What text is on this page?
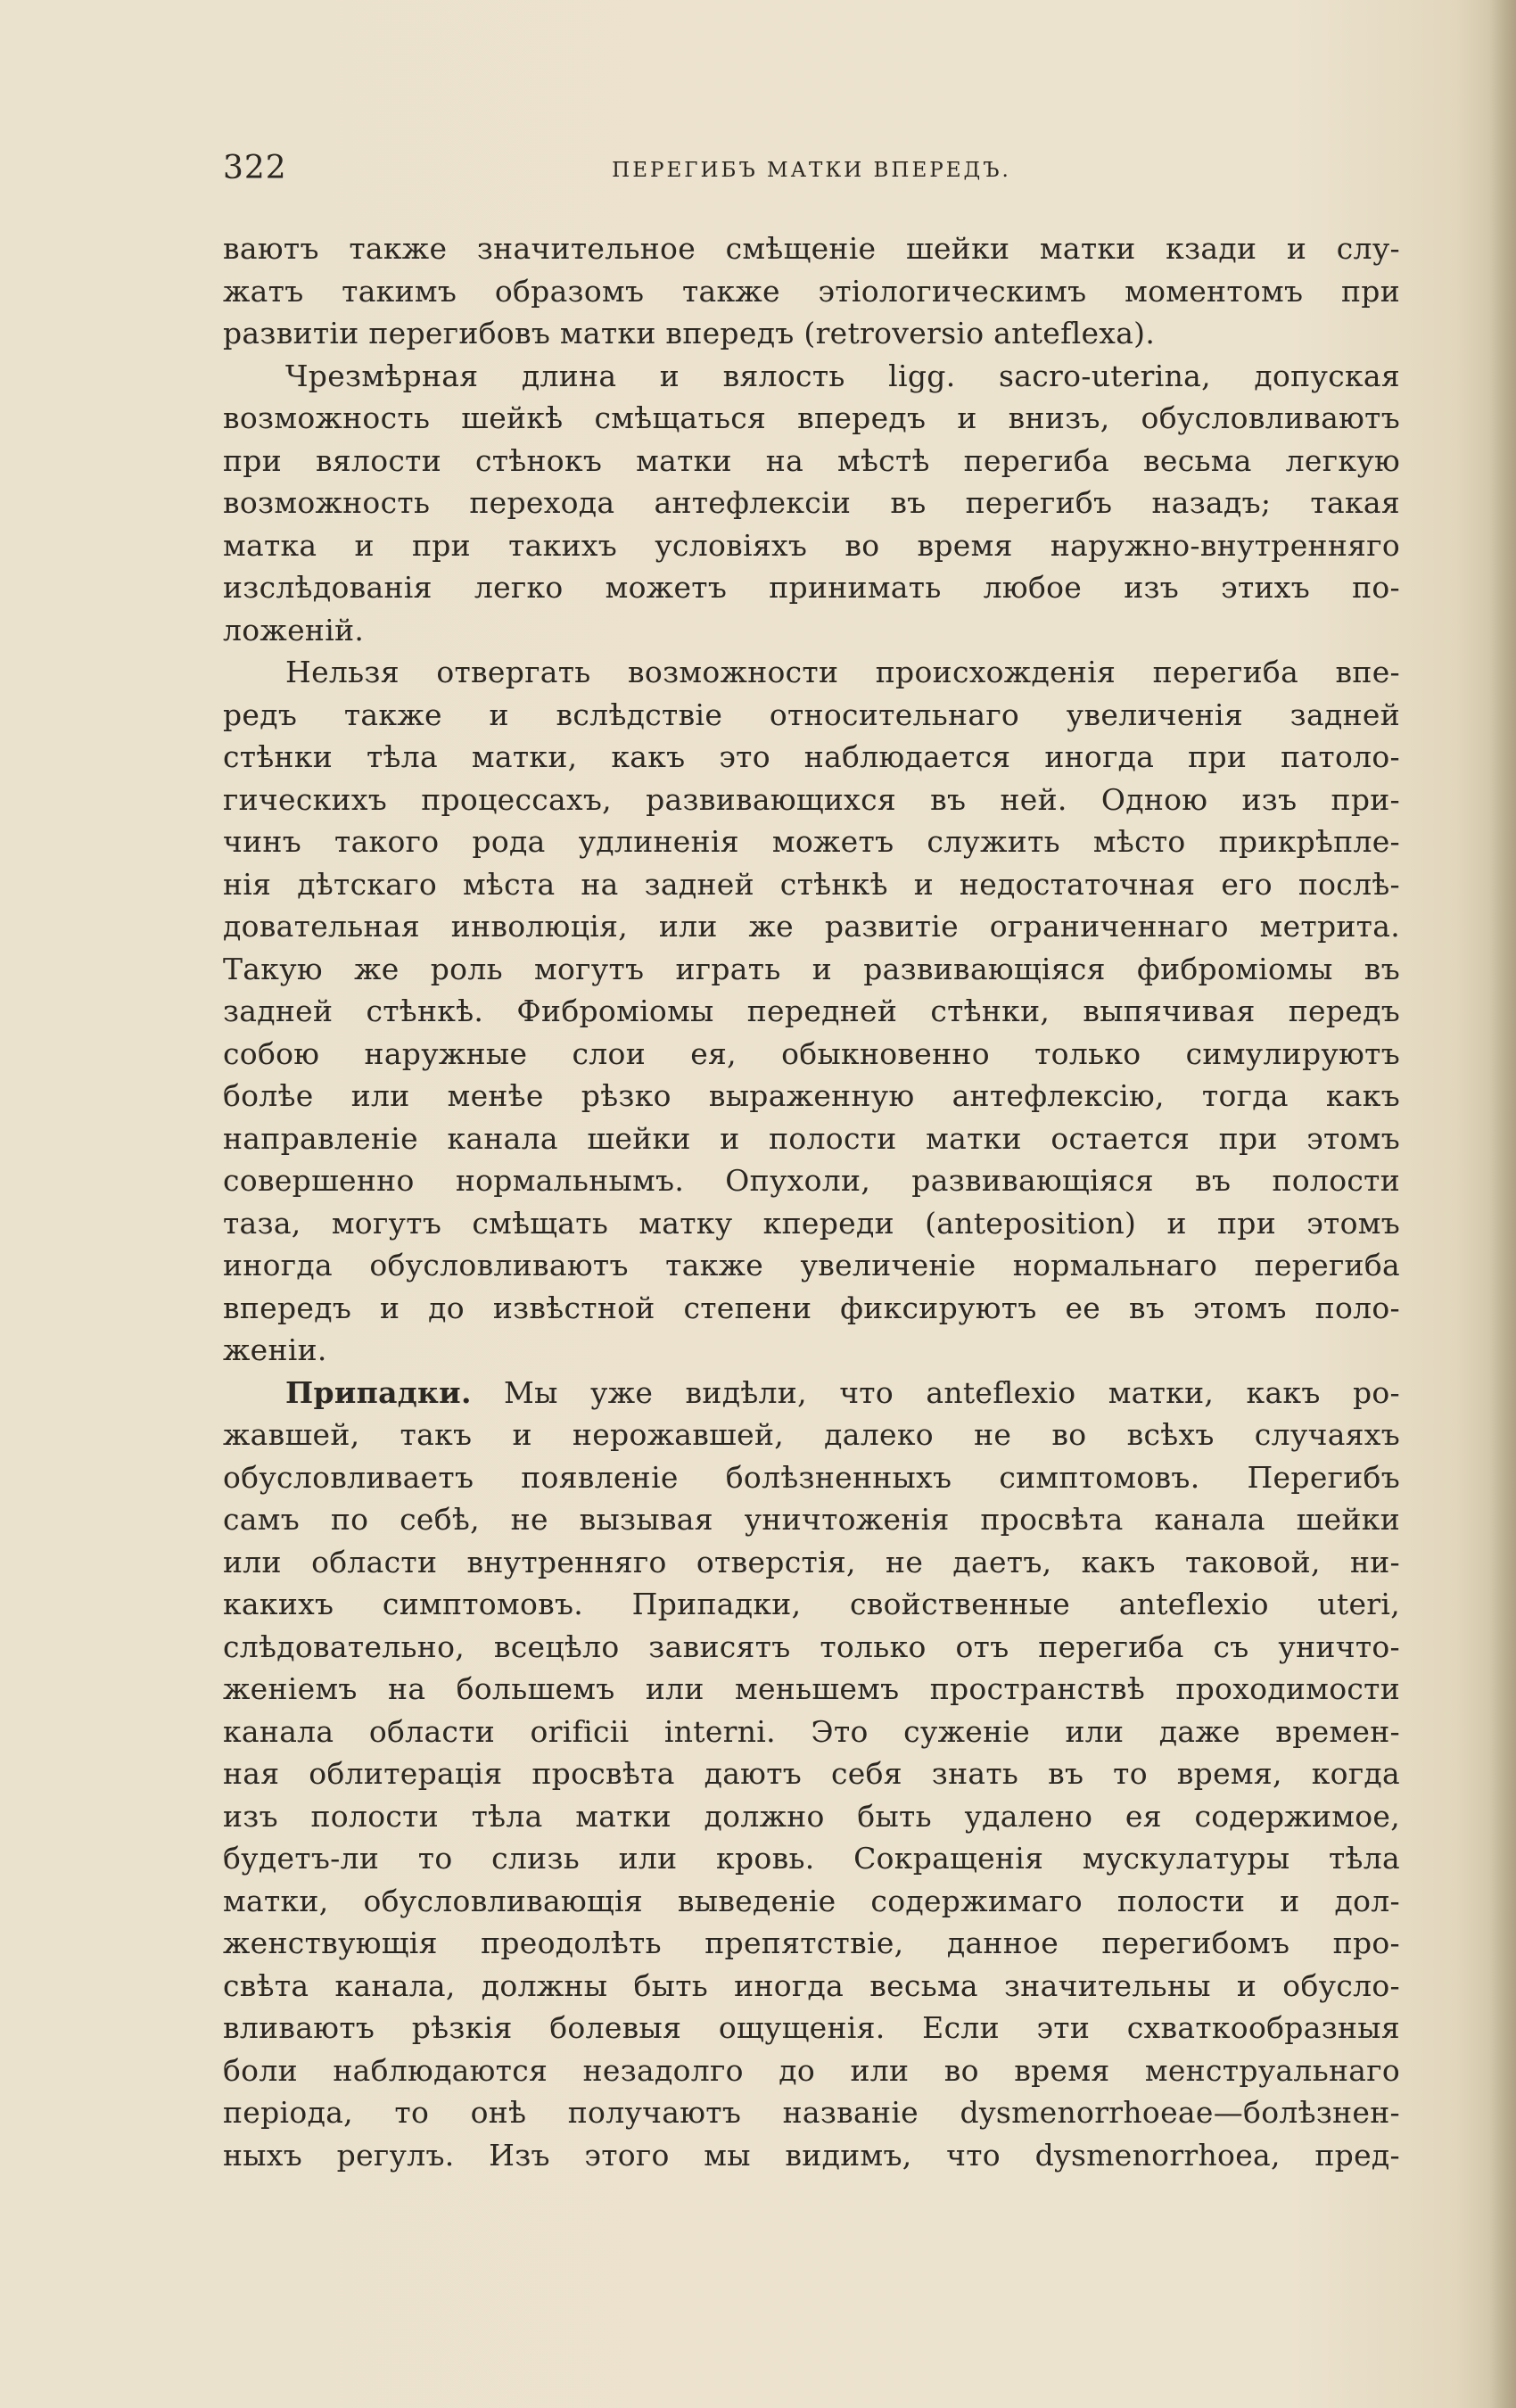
322	ПЕРЕГИБЪ МАТКИ ВПЕРЕДЪ.
ваютъ также значительное смѣщеніе шейки матки кзади и слу-
жатъ такимъ образомъ также этіологическимъ моментомъ при
развитіи перегибовъ матки впередъ (retroversio anteflexa).
Чрезмѣрная длина и вялость ligg. sacro-uterina, допуская
возможность шейкѣ смѣщаться впередъ и внизъ, обусловливаютъ
при вялости стѣнокъ матки на мѣстѣ перегиба весьма легкую
возможность перехода антефлексіи въ перегибъ назадъ; такая
матка и при такихъ условіяхъ во время наружно-внутренняго
изслѣдованія легко можетъ принимать любое изъ этихъ по-
ложеній.
Нельзя отвергать возможности происхожденія перегиба впе-
редъ также и вслѣдствіе относительнаго увеличенія задней
стѣнки тѣла матки, какъ это наблюдается иногда при патоло-
гическихъ процессахъ, развивающихся въ ней. Одною изъ при-
чинъ такого рода удлиненія можетъ служить мѣсто прикрѣпле-
нія дѣтскаго мѣста на задней стѣнкѣ и недостаточная его послѣ-
довательная инволюція, или же развитіе ограниченнаго метрита.
Такую же роль могутъ играть и развивающіяся фиброміомы въ
задней стѣнкѣ. Фиброміомы передней стѣнки, выпячивая передъ
собою наружные слои ея, обыкновенно только симулируютъ
болѣе или менѣе рѣзко выраженную антефлексію, тогда какъ
направленіе канала шейки и полости матки остается при этомъ
совершенно нормальнымъ. Опухоли, развивающіяся въ полости
таза, могутъ смѣщать матку кпереди (anteposition) и при этомъ
иногда обусловливаютъ также увеличеніе нормальнаго перегиба
впередъ и до извѣстной степени фиксируютъ ее въ этомъ поло-
женіи.
Припадки. Мы уже видѣли, что anteflexio матки, какъ ро-
жавшей, такъ и нерожавшей, далеко не во всѣхъ случаяхъ
обусловливаетъ появленіе болѣзненныхъ симптомовъ. Перегибъ
самъ по себѣ, не вызывая уничтоженія просвѣта канала шейки
или области внутренняго отверстія, не даетъ, какъ таковой, ни-
какихъ симптомовъ. Припадки, свойственные anteflexio uteri,
слѣдовательно, всецѣло зависятъ только отъ перегиба съ уничто-
женіемъ на большемъ или меньшемъ пространствѣ проходимости
канала области orificii interni. Это суженіе или даже времен-
ная облитерація просвѣта даютъ себя знать въ то время, когда
изъ полости тѣла матки должно быть удалено ея содержимое,
будетъ-ли то слизь или кровь. Сокращенія мускулатуры тѣла
матки, обусловливающія выведеніе содержимаго полости и дол-
женствующія преодолѣть препятствіе, данное перегибомъ про-
свѣта канала, должны быть иногда весьма значительны и обусло-
вливаютъ рѣзкія болевыя ощущенія. Если эти схваткообразныя
боли наблюдаются незадолго до или во время менструальнаго
періода, то онѣ получаютъ названіе dysmenorrhoeae—болѣзнен-
ныхъ регулъ. Изъ этого мы видимъ, что dysmenorrhoea, пред-
